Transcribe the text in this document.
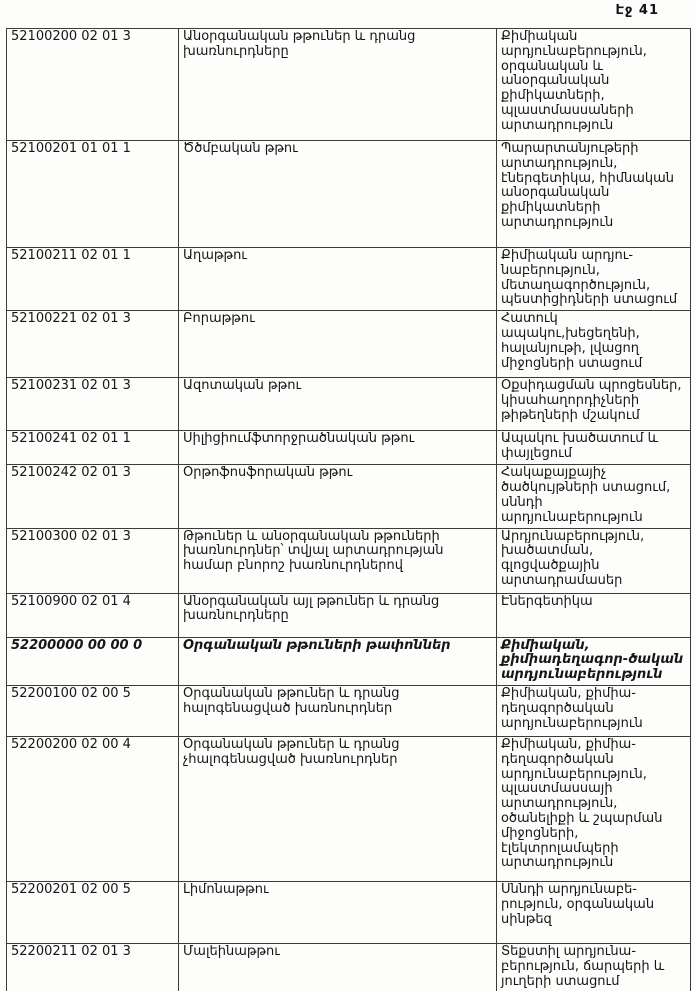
Էջ 41
52100200 02 01 3	Անօրգանական թթուներ և դրանց խառնուրդները	Քիմիական արդյունաբերություն, օրգանական և անօրգանական քիմիկատների, պլաստմասսաների արտադրություն
52100201 01 01 1	Ծծմբական թթու	Պարարտանյութերի արտադրություն, էներգետիկա, հիմնական անօրգանական քիմիկատների արտադրություն
52100211 02 01 1	Աղաթթու	Քիմիական արդյու-նաբերություն, մետաղագործություն, պեստիցիդների ստացում
52100221 02 01 3	Բորաթթու	Հատուկ ապակու,խեցեղենի, հալանյութի, լվացող միջոցների ստացում
52100231 02 01 3	Ազոտական թթու	Օքսիդացման պրոցեսներ, կիսահաղորդիչների թիթեղների մշակում
52100241 02 01 1	Սիլիցիումֆտորջրածնական թթու	Ապակու խածատում և փայլեցում
52100242 02 01 3	Օրթոֆոսֆորական թթու	Հակաքայքայիչ ծածկույթների ստացում, սննդի արդյունաբերություն
52100300 02 01 3	Թթուներ և անօրգանական թթուների խառնուրդներ՝ տվյալ արտադրության համար բնորոշ խառնուրդներով	Արդյունաբերություն, խածատման, գլոցվածքային արտադրամասեր
52100900 02 01 4	Անօրգանական այլ թթուներ և դրանց խառնուրդները	Էներգետիկա
52200000 00 00 0	Օրգանական թթուների թափոններ	Քիմիական, քիմիադեղագոր-ծական արդյունաբերություն
52200100 02 00 5	Օրգանական թթուներ և դրանց հալոգենացված խառնուրդներ	Քիմիական, քիմիա-դեղագործական արդյունաբերություն
52200200 02 00 4	Օրգանական թթուներ և դրանց չհալոգենացված խառնուրդներ	Քիմիական, քիմիա-դեղագործական արդյունաբերություն, պլաստմասսայի արտադրություն, օծանելիքի և շպարման միջոցների, էլեկտրոլամպերի արտադրություն
52200201 02 00 5	Լիմոնաթթու	Սննդի արդյունաբե-րություն, օրգանական սինթեզ
52200211 02 01 3	Մալեինաթթու	Տեքստիլ արդյունա-բերություն, ճարպերի և յուղերի ստացում
